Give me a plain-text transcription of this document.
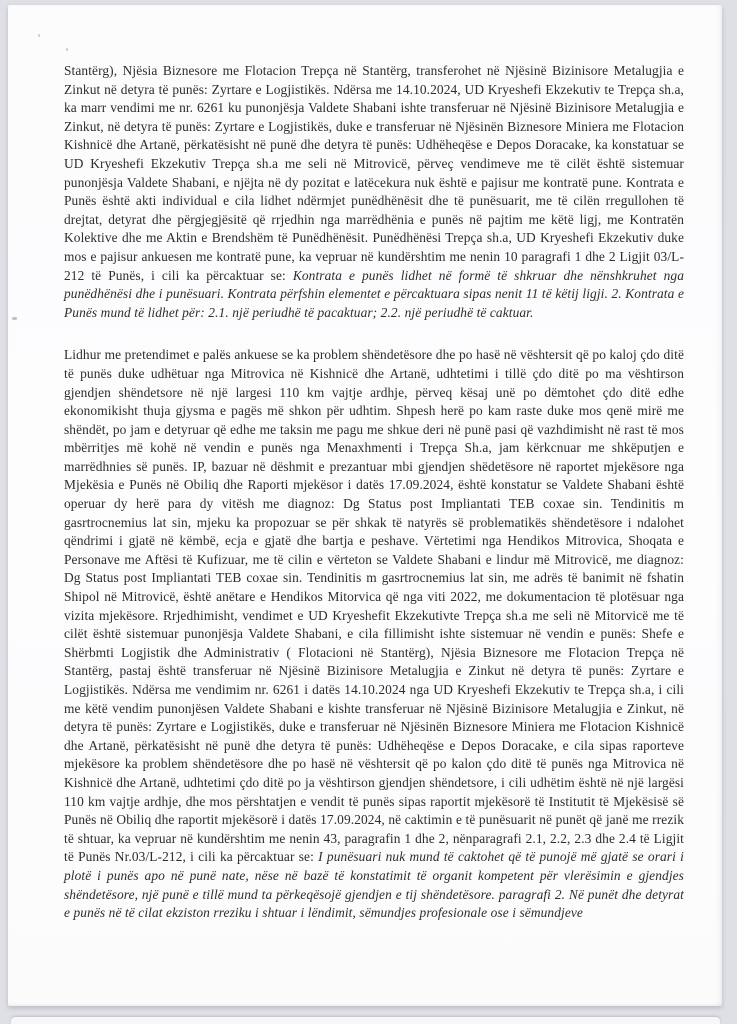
Stantërg), Njësia Biznesore me Flotacion Trepça në Stantërg, transferohet në Njësinë Bizinisore Metalugjia e Zinkut në detyra të punës: Zyrtare e Logjistikës. Ndërsa me 14.10.2024, UD Kryeshefi Ekzekutiv te Trepça sh.a, ka marr vendimi me nr. 6261 ku punonjësja Valdete Shabani ishte transferuar në Njësinë Bizinisore Metalugjia e Zinkut, në detyra të punës: Zyrtare e Logjistikës, duke e transferuar në Njësinën Biznesore Miniera me Flotacion Kishnicë dhe Artanë, përkatësisht në punë dhe detyra të punës: Udhëheqëse e Depos Doracake, ka konstatuar se UD Kryeshefi Ekzekutiv Trepça sh.a me seli në Mitrovicë, përveç vendimeve me të cilët është sistemuar punonjësja Valdete Shabani, e njëjta në dy pozitat e latëcekura nuk është e pajisur me kontratë pune. Kontrata e Punës është akti individual e cila lidhet ndërmjet punëdhënësit dhe të punësuarit, me të cilën rregullohen të drejtat, detyrat dhe përgjegjësitë që rrjedhin nga marrëdhënia e punës në pajtim me këtë ligj, me Kontratën Kolektive dhe me Aktin e Brendshëm të Punëdhënësit. Punëdhënësi Trepça sh.a, UD Kryeshefi Ekzekutiv duke mos e pajisur ankuesen me kontratë pune, ka vepruar në kundërshtim me nenin 10 paragrafi 1 dhe 2 Ligjit 03/L-212 të Punës, i cili ka përcaktuar se: Kontrata e punës lidhet në formë të shkruar dhe nënshkruhet nga punëdhënësi dhe i punësuari. Kontrata përfshin elementet e përcaktuara sipas nenit 11 të këtij ligji. 2. Kontrata e Punës mund të lidhet për: 2.1. një periudhë të pacaktuar; 2.2. një periudhë të caktuar.

Lidhur me pretendimet e palës ankuese se ka problem shëndetësore dhe po hasë në vështersit që po kaloj çdo ditë të punës duke udhëtuar nga Mitrovica në Kishnicë dhe Artanë, udhtetimi i tillë çdo ditë po ma vështirson gjendjen shëndetsore në një largesi 110 km vajtje ardhje, përveq kësaj unë po dëmtohet çdo ditë edhe ekonomikisht thuja gjysma e pagës më shkon për udhtim. Shpesh herë po kam raste duke mos qenë mirë me shëndët, po jam e detyruar që edhe me taksin me pagu me shkue deri në punë pasi që vazhdimisht në rast të mos mbërritjes më kohë në vendin e punës nga Menaxhmenti i Trepça Sh.a, jam kërkcnuar me shkëputjen e marrëdhnies së punës. IP, bazuar në dëshmit e prezantuar mbi gjendjen shëdetësore në raportet mjekësore nga Mjekësia e Punës në Obiliq dhe Raporti mjekësor i datës 17.09.2024, është konstatur se Valdete Shabani është operuar dy herë para dy vitësh me diagnoz: Dg Status post Impliantati TEB coxae sin. Tendinitis m gasrtrocnemius lat sin, mjeku ka propozuar se për shkak të natyrës së problematikës shëndetësore i ndalohet qëndrimi i gjatë në këmbë, ecja e gjatë dhe bartja e peshave. Vërtetimi nga Hendikos Mitrovica, Shoqata e Personave me Aftësi të Kufizuar, me të cilin e vërteton se Valdete Shabani e lindur më Mitrovicë, me diagnoz: Dg Status post Impliantati TEB coxae sin. Tendinitis m gasrtrocnemius lat sin, me adrës të banimit në fshatin Shipol në Mitrovicë, është anëtare e Hendikos Mitorvica që nga viti 2022, me dokumentacion të plotësuar nga vizita mjekësore. Rrjedhimisht, vendimet e UD Kryeshefit Ekzekutivte Trepça sh.a me seli në Mitorvicë me të cilët është sistemuar punonjësja Valdete Shabani, e cila fillimisht ishte sistemuar në vendin e punës: Shefe e Shërbmti Logjistik dhe Administrativ ( Flotacioni në Stantërg), Njësia Biznesore me Flotacion Trepça në Stantërg, pastaj është transferuar në Njësinë Bizinisore Metalugjia e Zinkut në detyra të punës: Zyrtare e Logjistikës. Ndërsa me vendimim nr. 6261 i datës 14.10.2024 nga UD Kryeshefi Ekzekutiv te Trepça sh.a, i cili me këtë vendim punonjësen Valdete Shabani e kishte transferuar në Njësinë Bizinisore Metalugjia e Zinkut, në detyra të punës: Zyrtare e Logjistikës, duke e transferuar në Njësinën Biznesore Miniera me Flotacion Kishnicë dhe Artanë, përkatësisht në punë dhe detyra të punës: Udhëheqëse e Depos Doracake, e cila sipas raporteve mjekësore ka problem shëndetësore dhe po hasë në vështersit që po kalon çdo ditë të punës nga Mitrovica në Kishnicë dhe Artanë, udhtetimi çdo ditë po ja vështirson gjendjen shëndetsore, i cili udhëtim është në një largësi 110 km vajtje ardhje, dhe mos përshtatjen e vendit të punës sipas raportit mjekësorë të Institutit të Mjekësisë së Punës në Obiliq dhe raportit mjekësorë i datës 17.09.2024, në caktimin e të punësuarit në punët që janë me rrezik të shtuar, ka vepruar në kundërshtim me nenin 43, paragrafin 1 dhe 2, nënparagrafi 2.1, 2.2, 2.3 dhe 2.4 të Ligjit të Punës Nr.03/L-212, i cili ka përcaktuar se: I punësuari nuk mund të caktohet që të punojë më gjatë se orari i plotë i punës apo në punë nate, nëse në bazë të konstatimit të organit kompetent për vlerësimin e gjendjes shëndetësore, një punë e tillë mund ta përkeqësojë gjendjen e tij shëndetësore. paragrafi 2. Në punët dhe detyrat e punës në të cilat ekziston rreziku i shtuar i lëndimit, sëmundjes profesionale ose i sëmundjeve
